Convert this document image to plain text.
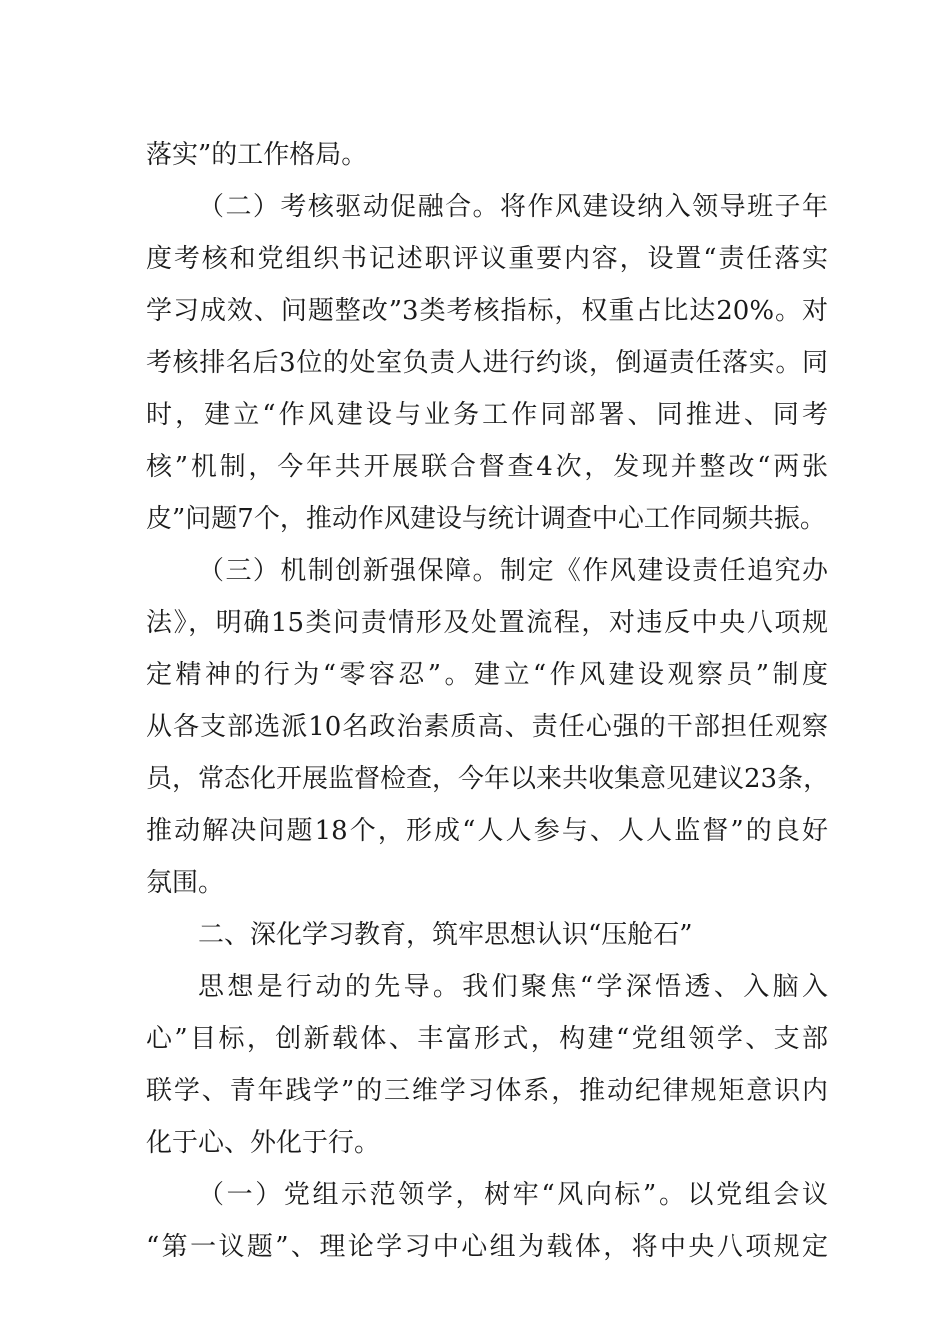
落实”的工作格局。
（二）考核驱动促融合。将作风建设纳入领导班子年
度考核和党组织书记述职评议重要内容，设置“责任落实
学习成效、问题整改”3类考核指标，权重占比达20%。对
考核排名后3位的处室负责人进行约谈，倒逼责任落实。同
时，建立“作风建设与业务工作同部署、同推进、同考
核”机制，今年共开展联合督查4次，发现并整改“两张
皮”问题7个，推动作风建设与统计调查中心工作同频共振。
（三）机制创新强保障。制定《作风建设责任追究办
法》，明确15类问责情形及处置流程，对违反中央八项规
定精神的行为“零容忍”。建立“作风建设观察员”制度
从各支部选派10名政治素质高、责任心强的干部担任观察
员，常态化开展监督检查，今年以来共收集意见建议23条，
推动解决问题18个，形成“人人参与、人人监督”的良好
氛围。
二、深化学习教育，筑牢思想认识“压舱石”
思想是行动的先导。我们聚焦“学深悟透、入脑入
心”目标，创新载体、丰富形式，构建“党组领学、支部
联学、青年践学”的三维学习体系，推动纪律规矩意识内
化于心、外化于行。
（一）党组示范领学，树牢“风向标”。以党组会议
“第一议题”、理论学习中心组为载体，将中央八项规定
